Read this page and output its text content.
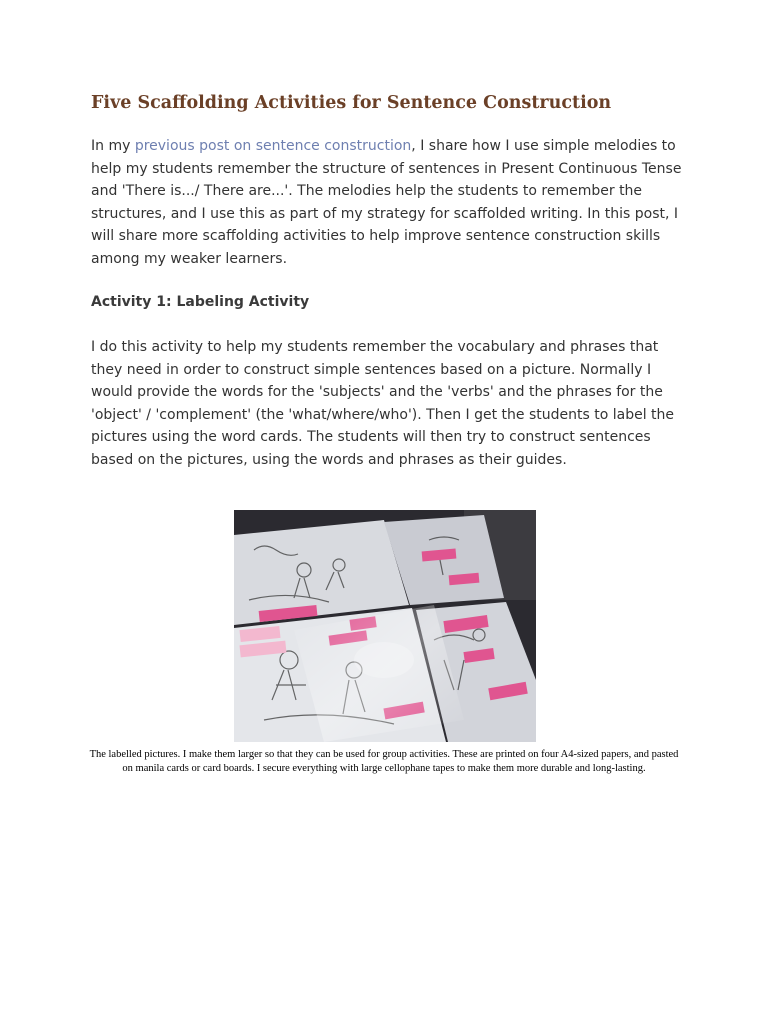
Five Scaffolding Activities for Sentence Construction

In my previous post on sentence construction, I share how I use simple melodies to help my students remember the structure of sentences in Present Continuous Tense and 'There is.../ There are...'. The melodies help the students to remember the structures, and I use this as part of my strategy for scaffolded writing. In this post, I will share more scaffolding activities to help improve sentence construction skills among my weaker learners.

Activity 1: Labeling Activity

I do this activity to help my students remember the vocabulary and phrases that they need in order to construct simple sentences based on a picture. Normally I would provide the words for the 'subjects' and the 'verbs' and the phrases for the 'object' / 'complement' (the 'what/where/who'). Then I get the students to label the pictures using the word cards. The students will then try to construct sentences based on the pictures, using the words and phrases as their guides.

The labelled pictures. I make them larger so that they can be used for group activities. These are printed on four A4-sized papers, and pasted on manila cards or card boards. I secure everything with large cellophane tapes to make them more durable and long-lasting.
